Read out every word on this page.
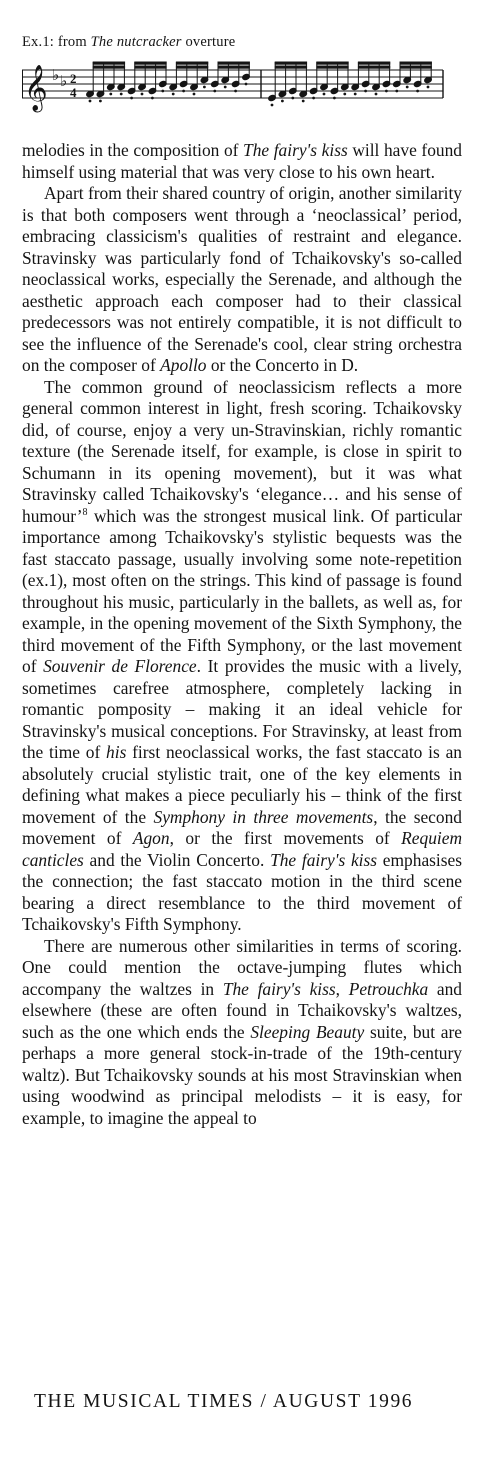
Ex.1: from The nutcracker overture
𝄞 ♭ ♭ 2
4

melodies in the composition of The fairy's kiss will have found himself using material that was very close to his own heart.

Apart from their shared country of origin, another similarity is that both composers went through a ‘neoclassical’ period, embracing classicism's qualities of restraint and elegance. Stravinsky was particularly fond of Tchaikovsky's so-called neoclassical works, especially the Serenade, and although the aesthetic approach each composer had to their classical predecessors was not entirely compatible, it is not difficult to see the influence of the Serenade's cool, clear string orchestra on the composer of Apollo or the Concerto in D.

The common ground of neoclassicism reflects a more general common interest in light, fresh scoring. Tchaikovsky did, of course, enjoy a very un-Stravinskian, richly romantic texture (the Serenade itself, for example, is close in spirit to Schumann in its opening movement), but it was what Stravinsky called Tchaikovsky's ‘elegance… and his sense of humour’$^8$ which was the strongest musical link. Of particular importance among Tchaikovsky's stylistic bequests was the fast staccato passage, usually involving some note-repetition (ex.1), most often on the strings. This kind of passage is found throughout his music, particularly in the ballets, as well as, for example, in the opening movement of the Sixth Symphony, the third movement of the Fifth Symphony, or the last movement of Souvenir de Florence. It provides the music with a lively, sometimes carefree atmosphere, completely lacking in romantic pomposity – making it an ideal vehicle for Stravinsky's musical conceptions. For Stravinsky, at least from the time of his first neoclassical works, the fast staccato is an absolutely crucial stylistic trait, one of the key elements in defining what makes a piece peculiarly his – think of the first movement of the Symphony in three movements, the second movement of Agon, or the first movements of Requiem canticles and the Violin Concerto. The fairy's kiss emphasises the connection; the fast staccato motion in the third scene bearing a direct resemblance to the third movement of Tchaikovsky's Fifth Symphony.

There are numerous other similarities in terms of scoring. One could mention the octave-jumping flutes which accompany the waltzes in The fairy's kiss, Petrouchka and elsewhere (these are often found in Tchaikovsky's waltzes, such as the one which ends the Sleeping Beauty suite, but are perhaps a more general stock-in-trade of the 19th-century waltz). But Tchaikovsky sounds at his most Stravinskian when using woodwind as principal melodists – it is easy, for example, to imagine the appeal to

THE MUSICAL TIMES / AUGUST 1996
